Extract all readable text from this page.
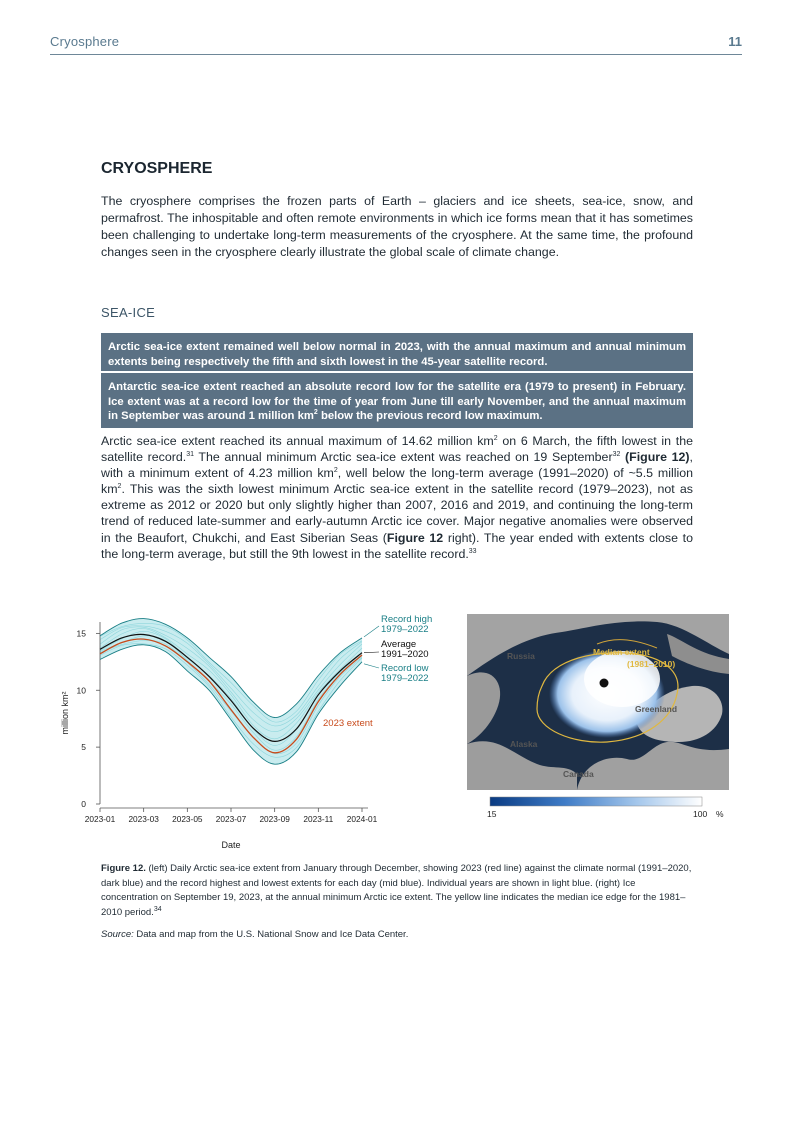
Cryosphere	11
CRYOSPHERE

The cryosphere comprises the frozen parts of Earth – glaciers and ice sheets, sea-ice, snow, and permafrost. The inhospitable and often remote environments in which ice forms mean that it has sometimes been challenging to undertake long-term measurements of the cryosphere. At the same time, the profound changes seen in the cryosphere clearly illustrate the global scale of climate change.

SEA-ICE
Arctic sea-ice extent remained well below normal in 2023, with the annual maximum and annual minimum extents being respectively the fifth and sixth lowest in the 45-year satellite record.
Antarctic sea-ice extent reached an absolute record low for the satellite era (1979 to present) in February. Ice extent was at a record low for the time of year from June till early November, and the annual maximum in September was around 1 million $km^2$ below the previous record low maximum.

Arctic sea-ice extent reached its annual maximum of 14.62 million $km^2$ on 6 March, the fifth lowest in the satellite record.$^{31}$ The annual minimum Arctic sea-ice extent was reached on 19 September$^{32}$ (Figure 12), with a minimum extent of 4.23 million $km^2$, well below the long-term average (1991–2020) of ~5.5 million $km^2$. This was the sixth lowest minimum Arctic sea-ice extent in the satellite record (1979–2023), not as extreme as 2012 or 2020 but only slightly higher than 2007, 2016 and 2019, and continuing the long-term trend of reduced late-summer and early-autumn Arctic ice cover. Major negative anomalies were observed in the Beaufort, Chukchi, and East Siberian Seas (Figure 12 right). The year ended with extents close to the long-term average, but still the 9th lowest in the satellite record.$^{33}$

0
5
10
15
2023-01 2023-03 2023-05 2023-07 2023-09 2023-11 2024-01
Date
million km²
Record high
1979–2022
Average
1991–2020
Record low
1979–2022
2023 extent
Russia
Alaska
Canada
Greenland
Median extent
(1981–2010)
15	100 %

Figure 12. (left) Daily Arctic sea-ice extent from January through December, showing 2023 (red line) against the climate normal (1991–2020, dark blue) and the record highest and lowest extents for each day (mid blue). Individual years are shown in light blue. (right) Ice concentration on September 19, 2023, at the annual minimum Arctic ice extent. The yellow line indicates the median ice edge for the 1981–2010 period.$^{34}$

Source: Data and map from the U.S. National Snow and Ice Data Center.
